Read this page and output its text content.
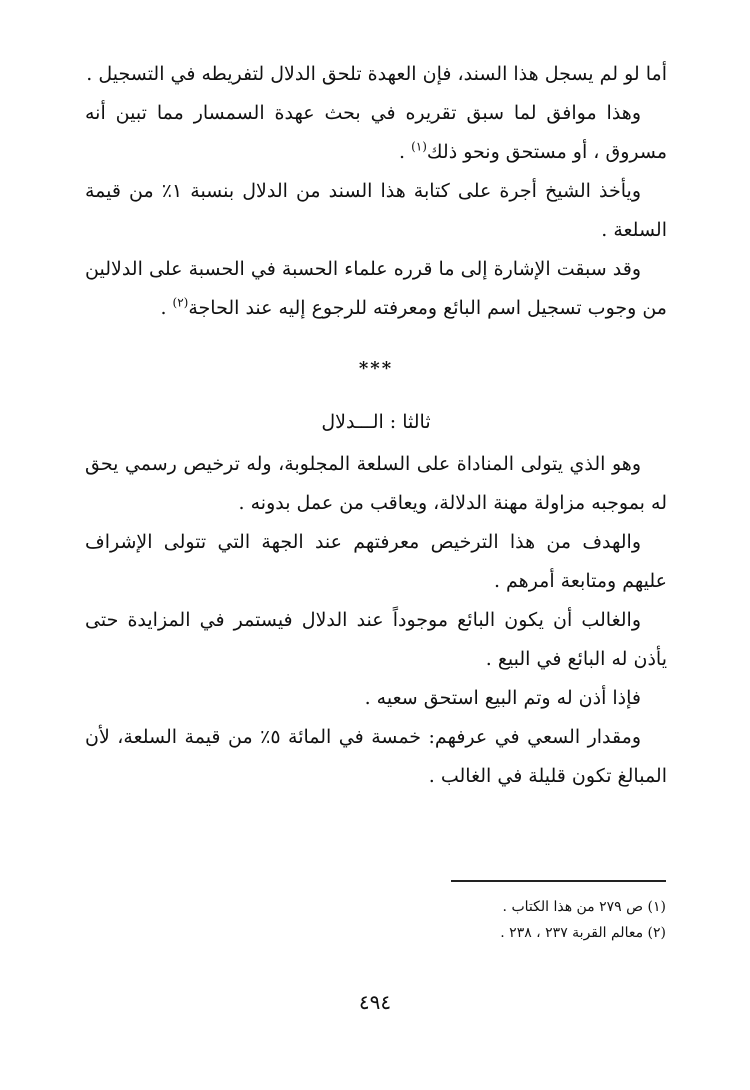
أما لو لم يسجل هذا السند، فإن العهدة تلحق الدلال لتفريطه في التسجيل .

وهذا موافق لما سبق تقريره في بحث عهدة السمسار مما تبين أنه مسروق ، أو مستحق ونحو ذلك$^{(١)}$ .

ويأخذ الشيخ أجرة على كتابة هذا السند من الدلال بنسبة ١٪ من قيمة السلعة .

وقد سبقت الإشارة إلى ما قرره علماء الحسبة في الحسبة على الدلالين من وجوب تسجيل اسم البائع ومعرفته للرجوع إليه عند الحاجة$^{(٢)}$ .

***

ثالثا : الـــدلال

وهو الذي يتولى المناداة على السلعة المجلوبة، وله ترخيص رسمي يحق له بموجبه مزاولة مهنة الدلالة، ويعاقب من عمل بدونه .

والهدف من هذا الترخيص معرفتهم عند الجهة التي تتولى الإشراف عليهم ومتابعة أمرهم .

والغالب أن يكون البائع موجوداً عند الدلال فيستمر في المزايدة حتى يأذن له البائع في البيع .

فإذا أذن له وتم البيع استحق سعيه .

ومقدار السعي في عرفهم: خمسة في المائة ٥٪ من قيمة السلعة، لأن المبالغ تكون قليلة في الغالب .

(١) ص ٢٧٩ من هذا الكتاب .

(٢) معالم القربة ٢٣٧ ، ٢٣٨ .

٤٩٤
